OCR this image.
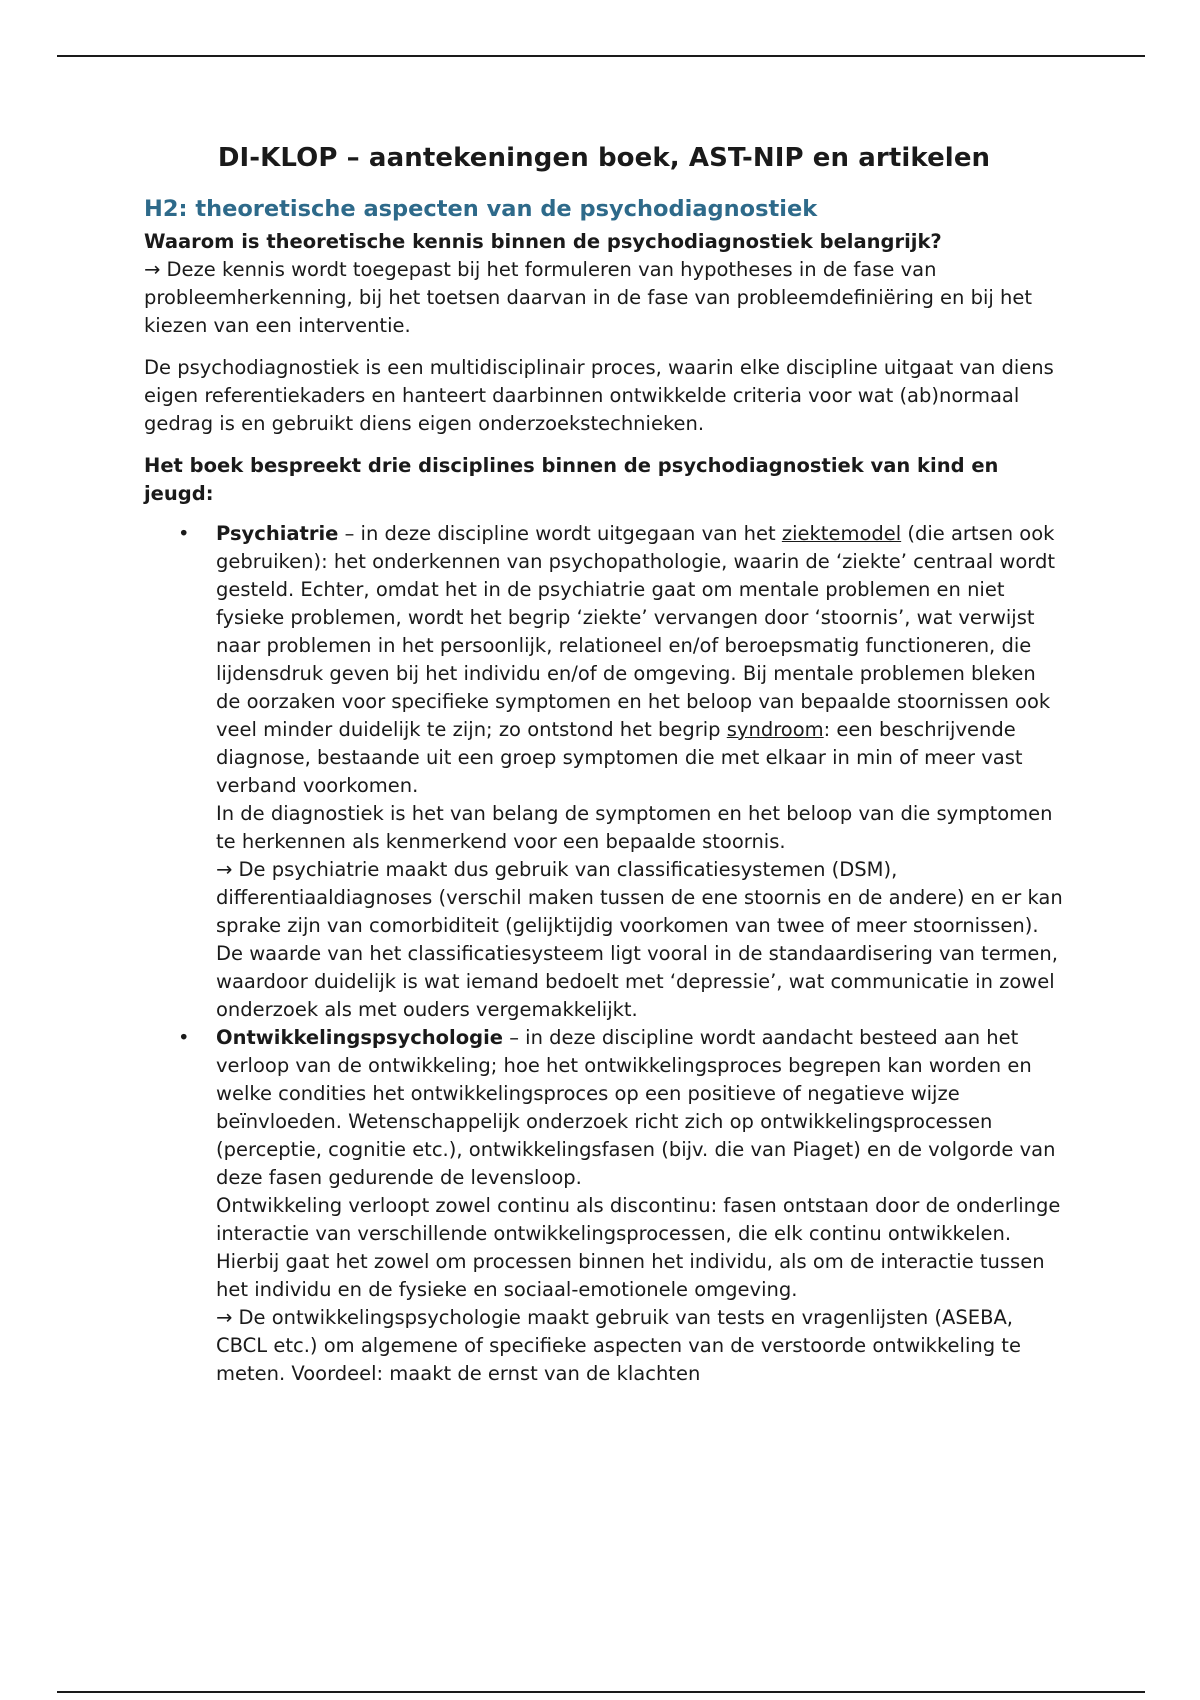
DI-KLOP – aantekeningen boek, AST-NIP en artikelen
H2: theoretische aspecten van de psychodiagnostiek

Waarom is theoretische kennis binnen de psychodiagnostiek belangrijk?

→ Deze kennis wordt toegepast bij het formuleren van hypotheses in de fase van probleemherkenning, bij het toetsen daarvan in de fase van probleemdefiniëring en bij het kiezen van een interventie.

De psychodiagnostiek is een multidisciplinair proces, waarin elke discipline uitgaat van diens eigen referentiekaders en hanteert daarbinnen ontwikkelde criteria voor wat (ab)normaal gedrag is en gebruikt diens eigen onderzoekstechnieken.

Het boek bespreekt drie disciplines binnen de psychodiagnostiek van kind en jeugd:

• Psychiatrie – in deze discipline wordt uitgegaan van het ziektemodel (die artsen ook gebruiken): het onderkennen van psychopathologie, waarin de ‘ziekte’ centraal wordt gesteld. Echter, omdat het in de psychiatrie gaat om mentale problemen en niet fysieke problemen, wordt het begrip ‘ziekte’ vervangen door ‘stoornis’, wat verwijst naar problemen in het persoonlijk, relationeel en/of beroepsmatig functioneren, die lijdensdruk geven bij het individu en/of de omgeving. Bij mentale problemen bleken de oorzaken voor specifieke symptomen en het beloop van bepaalde stoornissen ook veel minder duidelijk te zijn; zo ontstond het begrip syndroom: een beschrijvende diagnose, bestaande uit een groep symptomen die met elkaar in min of meer vast verband voorkomen.
In de diagnostiek is het van belang de symptomen en het beloop van die symptomen te herkennen als kenmerkend voor een bepaalde stoornis.
→ De psychiatrie maakt dus gebruik van classificatiesystemen (DSM), differentiaaldiagnoses (verschil maken tussen de ene stoornis en de andere) en er kan sprake zijn van comorbiditeit (gelijktijdig voorkomen van twee of meer stoornissen).
De waarde van het classificatiesysteem ligt vooral in de standaardisering van termen, waardoor duidelijk is wat iemand bedoelt met ‘depressie’, wat communicatie in zowel onderzoek als met ouders vergemakkelijkt.
• Ontwikkelingspsychologie – in deze discipline wordt aandacht besteed aan het verloop van de ontwikkeling; hoe het ontwikkelingsproces begrepen kan worden en welke condities het ontwikkelingsproces op een positieve of negatieve wijze beïnvloeden. Wetenschappelijk onderzoek richt zich op ontwikkelingsprocessen (perceptie, cognitie etc.), ontwikkelingsfasen (bijv. die van Piaget) en de volgorde van deze fasen gedurende de levensloop.
Ontwikkeling verloopt zowel continu als discontinu: fasen ontstaan door de onderlinge interactie van verschillende ontwikkelingsprocessen, die elk continu ontwikkelen. Hierbij gaat het zowel om processen binnen het individu, als om de interactie tussen het individu en de fysieke en sociaal-emotionele omgeving.
→ De ontwikkelingspsychologie maakt gebruik van tests en vragenlijsten (ASEBA, CBCL etc.) om algemene of specifieke aspecten van de verstoorde ontwikkeling te meten. Voordeel: maakt de ernst van de klachten
